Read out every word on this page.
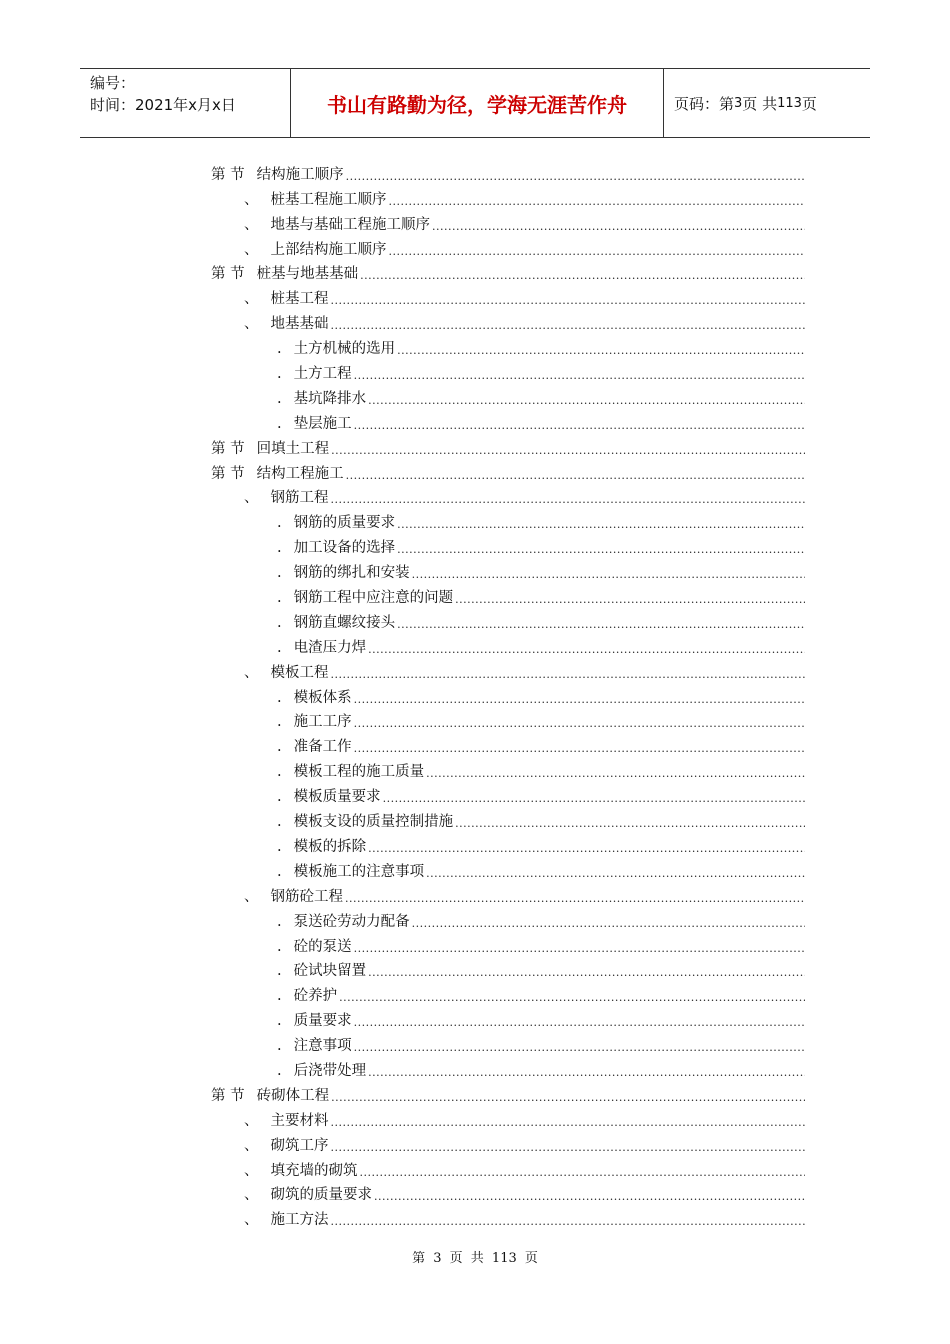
编号：
时间：2021年x月x日	书山有路勤为径，学海无涯苦作舟	页码：第 3 页 共 113 页
第 节 结构施工顺序
.....
、 桩基工程施工顺序
.....
、 地基与基础工程施工顺序
.....
、 上部结构施工顺序
.....
第 节 桩基与地基基础
.....
、 桩基工程
.....
、 地基基础
.....
. 土方机械的选用
.....
. 土方工程
.....
. 基坑降排水
.....
. 垫层施工
.....
第 节 回填土工程
.....
第 节 结构工程施工
.....
、 钢筋工程
.....
. 钢筋的质量要求
.....
. 加工设备的选择
.....
. 钢筋的绑扎和安装
.....
. 钢筋工程中应注意的问题
.....
. 钢筋直螺纹接头
.....
. 电渣压力焊
.....
、 模板工程
.....
. 模板体系
.....
. 施工工序
.....
. 准备工作
.....
. 模板工程的施工质量
.....
. 模板质量要求
.....
. 模板支设的质量控制措施
.....
. 模板的拆除
.....
. 模板施工的注意事项
.....
、 钢筋砼工程
.....
. 泵送砼劳动力配备
.....
. 砼的泵送
.....
. 砼试块留置
.....
. 砼养护
.....
. 质量要求
.....
. 注意事项
.....
. 后浇带处理
.....
第 节 砖砌体工程
.....
、 主要材料
.....
、 砌筑工序
.....
、 填充墙的砌筑
.....
、 砌筑的质量要求
.....
、 施工方法
.....
第 3 页 共 113 页
